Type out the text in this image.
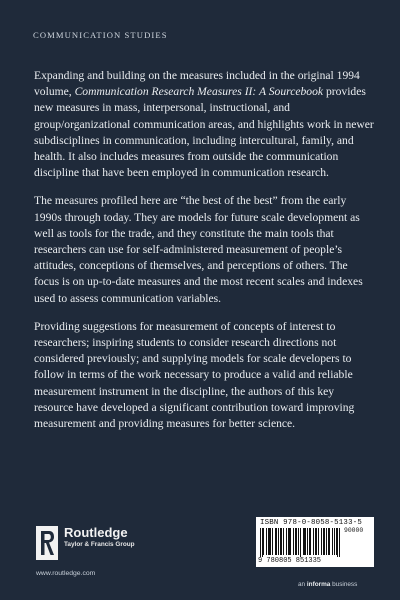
COMMUNICATION STUDIES

Expanding and building on the measures included in the original 1994 volume, Communication Research Measures II: A Sourcebook provides new measures in mass, interpersonal, instructional, and group/organizational communication areas, and highlights work in newer subdisciplines in communication, including intercultural, family, and health. It also includes measures from outside the communication discipline that have been employed in communication research.

The measures profiled here are “the best of the best” from the early 1990s through today. They are models for future scale development as well as tools for the trade, and they constitute the main tools that researchers can use for self-administered measurement of people’s attitudes, conceptions of themselves, and perceptions of others. The focus is on up-to-date measures and the most recent scales and indexes used to assess communication variables.

Providing suggestions for measurement of concepts of interest to researchers; inspiring students to consider research directions not considered previously; and supplying models for scale developers to follow in terms of the work necessary to produce a valid and reliable measurement instrument in the discipline, the authors of this key resource have developed a significant contribution toward improving measurement and providing measures for better science.

Routledge
Taylor & Francis Group
www.routledge.com
ISBN 978-0-8058-5133-5
90000
9 780805 851335
an informa business
